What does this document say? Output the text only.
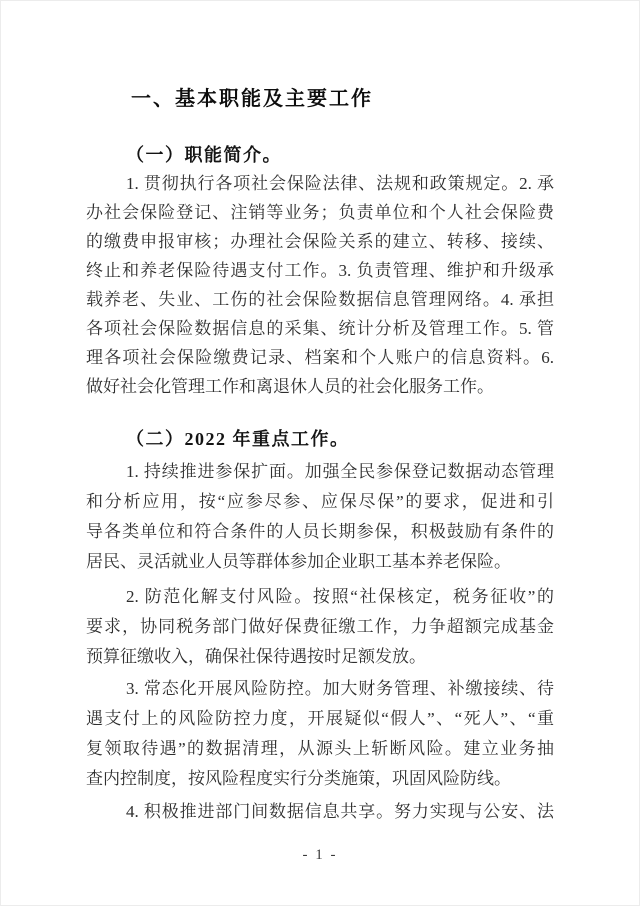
一、基本职能及主要工作
（一）职能简介。
1. 贯彻执行各项社会保险法律、法规和政策规定。2. 承
办社会保险登记、注销等业务；负责单位和个人社会保险费
的缴费申报审核；办理社会保险关系的建立、转移、接续、
终止和养老保险待遇支付工作。3. 负责管理、维护和升级承
载养老、失业、工伤的社会保险数据信息管理网络。4. 承担
各项社会保险数据信息的采集、统计分析及管理工作。5. 管
理各项社会保险缴费记录、档案和个人账户的信息资料。6.
做好社会化管理工作和离退休人员的社会化服务工作。
（二）2022 年重点工作。
1. 持续推进参保扩面。加强全民参保登记数据动态管理
和分析应用，按“应参尽参、应保尽保”的要求，促进和引
导各类单位和符合条件的人员长期参保，积极鼓励有条件的
居民、灵活就业人员等群体参加企业职工基本养老保险。
2. 防范化解支付风险。按照“社保核定，税务征收”的
要求，协同税务部门做好保费征缴工作，力争超额完成基金
预算征缴收入，确保社保待遇按时足额发放。
3. 常态化开展风险防控。加大财务管理、补缴接续、待
遇支付上的风险防控力度，开展疑似“假人”、“死人”、“重
复领取待遇”的数据清理，从源头上斩断风险。建立业务抽
查内控制度，按风险程度实行分类施策，巩固风险防线。
4. 积极推进部门间数据信息共享。努力实现与公安、法
- 1 -
